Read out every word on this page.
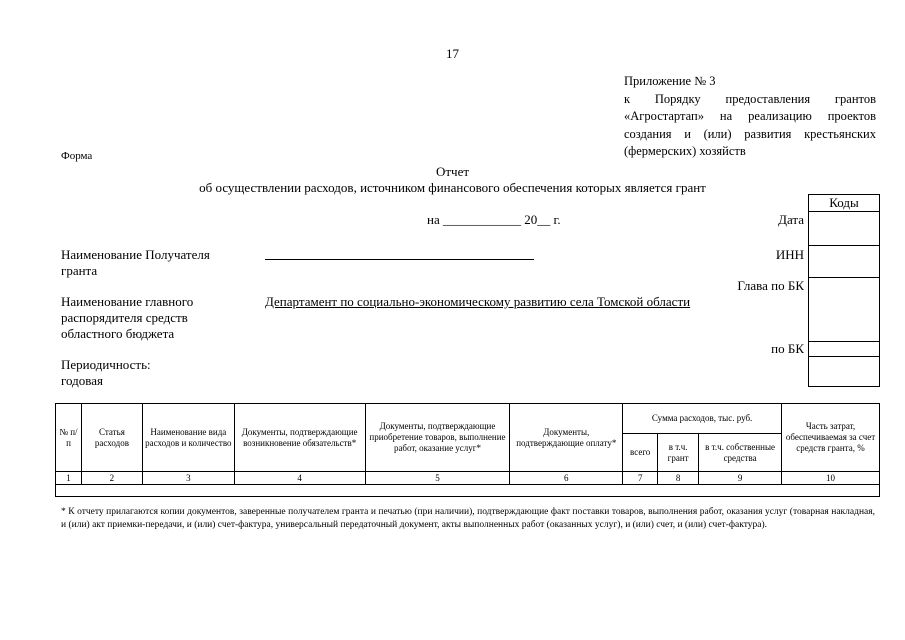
17
Приложение № 3
к Порядку предоставления грантов
«Агростартап» на реализацию проектов
создания и (или) развития крестьянских
(фермерских) хозяйств
Форма
Отчет
об осуществлении расходов, источником финансового обеспечения которых является грант
на ____________ 20__ г.
Наименование Получателя
гранта
Наименование главного
распорядителя средств
областного бюджета
Департамент по социально-экономическому развитию села Томской области
Периодичность:
годовая
Дата
ИНН
Глава по БК
по БК
Коды
№ п/п	Статья расходов	Наименование вида расходов и количество	Документы, подтверждающие возникновение обязательств*	Документы, подтверждающие приобретение товаров, выполнение работ, оказание услуг*	Документы, подтверждающие оплату*	Сумма расходов, тыс. руб.			Часть затрат, обеспечиваемая за счет средств гранта, %
						всего	в т.ч. грант	в т.ч. собственные средства	
1	2	3	4	5	6	7	8	9	10

* К отчету прилагаются копии документов, заверенные получателем гранта и печатью (при наличии), подтверждающие факт поставки товаров, выполнения работ, оказания услуг (товарная накладная, и (или) акт приемки-передачи, и (или) счет-фактура, универсальный передаточный документ, акты выполненных работ (оказанных услуг), и (или) счет, и (или) счет-фактура).
